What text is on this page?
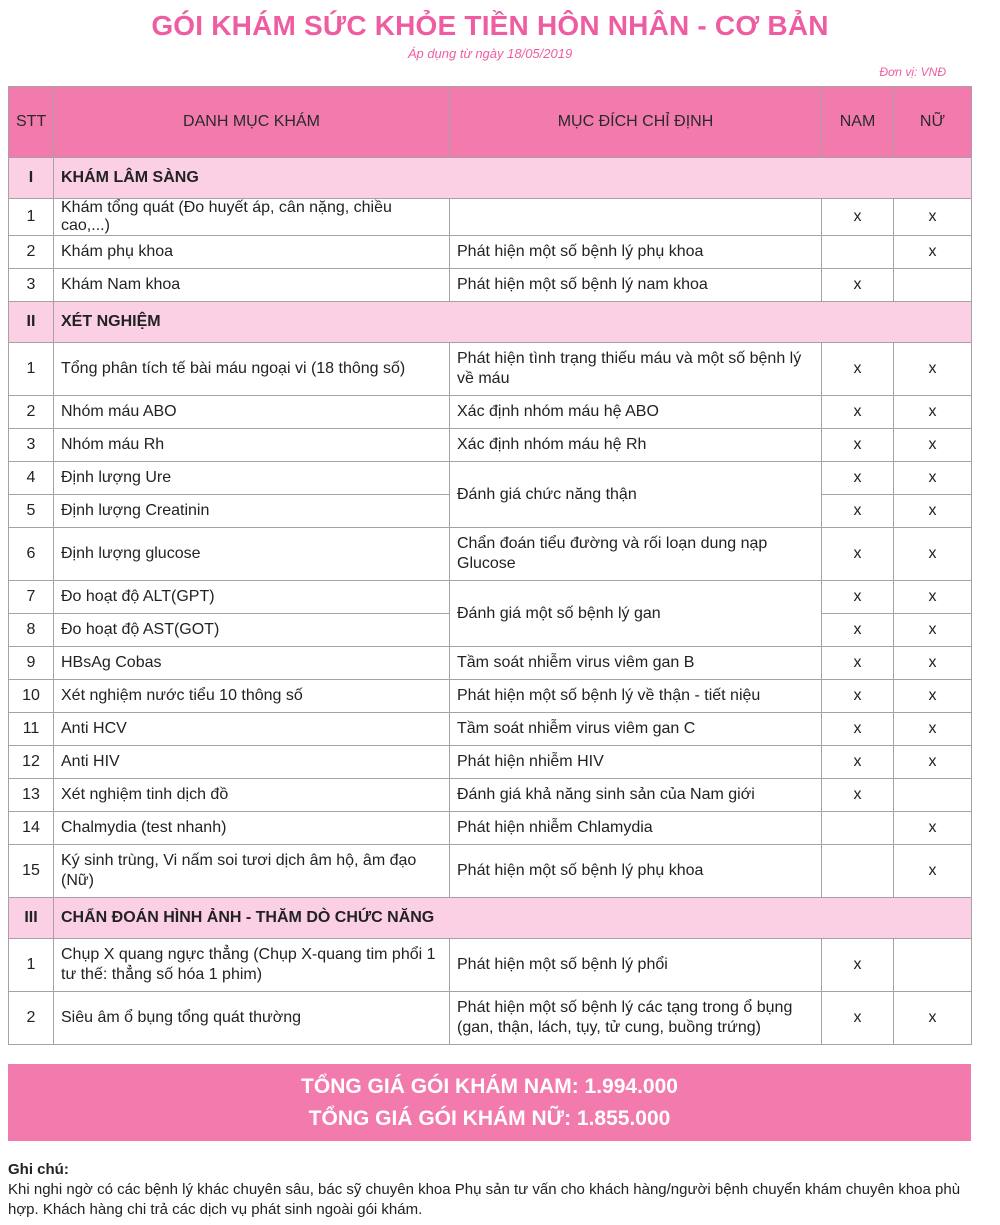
GÓI KHÁM SỨC KHỎE TIỀN HÔN NHÂN - CƠ BẢN
Áp dụng từ ngày 18/05/2019
Đơn vị: VNĐ
STT	DANH MỤC KHÁM	MỤC ĐÍCH CHỈ ĐỊNH	NAM	NỮ
I	KHÁM LÂM SÀNG			
1	Khám tổng quát (Đo huyết áp, cân nặng, chiều cao,...)		x	x
2	Khám phụ khoa	Phát hiện một số bệnh lý phụ khoa		x
3	Khám Nam khoa	Phát hiện một số bệnh lý nam khoa	x	
II	XÉT NGHIỆM			
1	Tổng phân tích tế bài máu ngoại vi (18 thông số)	Phát hiện tình trạng thiếu máu và một số bệnh lý về máu	x	x
2	Nhóm máu ABO	Xác định nhóm máu hệ ABO	x	x
3	Nhóm máu Rh	Xác định nhóm máu hệ Rh	x	x
4	Định lượng Ure	Đánh giá chức năng thận	x	x
5	Định lượng Creatinin		x	x
6	Định lượng glucose	Chẩn đoán tiểu đường và rối loạn dung nạp Glucose	x	x
7	Đo hoạt độ ALT(GPT)	Đánh giá một số bệnh lý gan	x	x
8	Đo hoạt độ AST(GOT)		x	x
9	HBsAg Cobas	Tầm soát nhiễm virus viêm gan B	x	x
10	Xét nghiệm nước tiểu 10 thông số	Phát hiện một số bệnh lý về thận - tiết niệu	x	x
11	Anti HCV	Tầm soát nhiễm virus viêm gan C	x	x
12	Anti HIV	Phát hiện nhiễm HIV	x	x
13	Xét nghiệm tinh dịch đồ	Đánh giá khả năng sinh sản của Nam giới	x	
14	Chalmydia (test nhanh)	Phát hiện nhiễm Chlamydia		x
15	Ký sinh trùng, Vi nấm soi tươi dịch âm hộ, âm đạo (Nữ)	Phát hiện một số bệnh lý phụ khoa		x
III	CHẨN ĐOÁN HÌNH ẢNH - THĂM DÒ CHỨC NĂNG			
1	Chụp X quang ngực thẳng (Chụp X-quang tim phổi 1 tư thế: thẳng số hóa 1 phim)	Phát hiện một số bệnh lý phổi	x	
2	Siêu âm ổ bụng tổng quát thường	Phát hiện một số bệnh lý các tạng trong ổ bụng (gan, thận, lách, tụy, tử cung, buồng trứng)	x	x
TỔNG GIÁ GÓI KHÁM NAM: 1.994.000
TỔNG GIÁ GÓI KHÁM NỮ: 1.855.000
Ghi chú:
Khi nghi ngờ có các bệnh lý khác chuyên sâu, bác sỹ chuyên khoa Phụ sản tư vấn cho khách hàng/người bệnh chuyển khám chuyên khoa phù hợp. Khách hàng chi trả các dịch vụ phát sinh ngoài gói khám.
